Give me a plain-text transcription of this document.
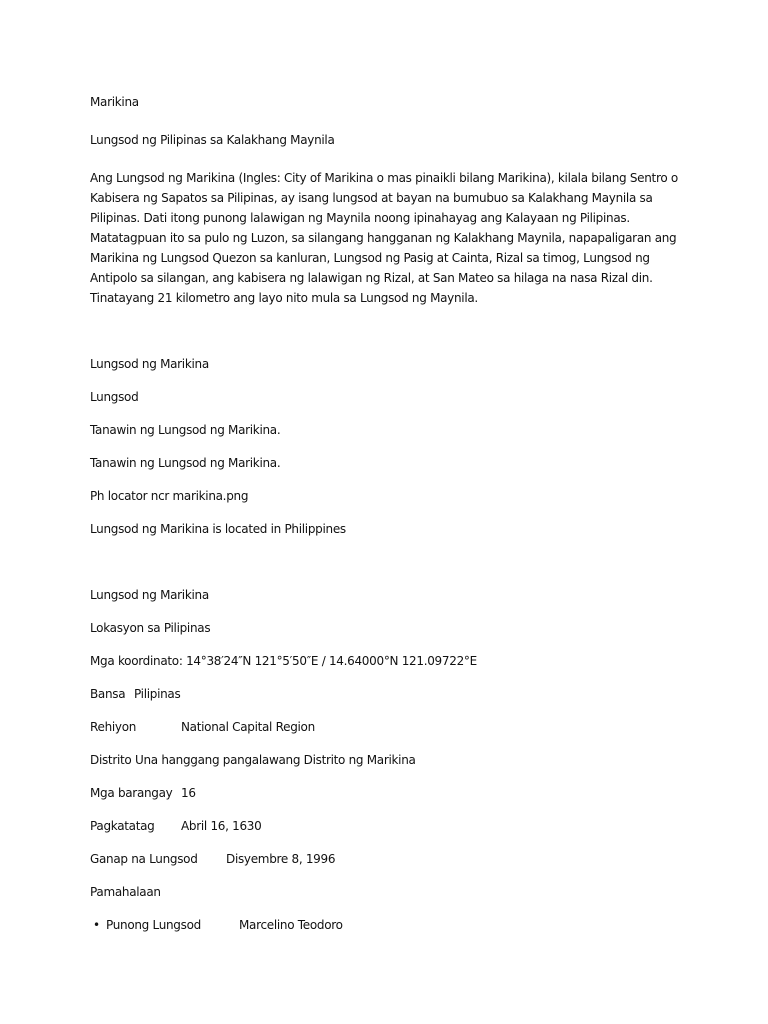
Marikina

Lungsod ng Pilipinas sa Kalakhang Maynila

Ang Lungsod ng Marikina (Ingles: City of Marikina o mas pinaikli bilang Marikina), kilala bilang Sentro o
Kabisera ng Sapatos sa Pilipinas, ay isang lungsod at bayan na bumubuo sa Kalakhang Maynila sa
Pilipinas. Dati itong punong lalawigan ng Maynila noong ipinahayag ang Kalayaan ng Pilipinas.
Matatagpuan ito sa pulo ng Luzon, sa silangang hangganan ng Kalakhang Maynila, napapaligaran ang
Marikina ng Lungsod Quezon sa kanluran, Lungsod ng Pasig at Cainta, Rizal sa timog, Lungsod ng
Antipolo sa silangan, ang kabisera ng lalawigan ng Rizal, at San Mateo sa hilaga na nasa Rizal din.
Tinatayang 21 kilometro ang layo nito mula sa Lungsod ng Maynila.

Lungsod ng Marikina

Lungsod

Tanawin ng Lungsod ng Marikina.

Tanawin ng Lungsod ng Marikina.

Ph locator ncr marikina.png

Lungsod ng Marikina is located in Philippines

Lungsod ng Marikina

Lokasyon sa Pilipinas

Mga koordinato: 14°38′24″N 121°5′50″E / 14.64000°N 121.09722°E

Bansa Pilipinas
Rehiyon	National Capital Region

Distrito Una hanggang pangalawang Distrito ng Marikina

Mga barangay 16
Pagkatatag	Abril 16, 1630
Ganap na Lungsod	Disyembre 8, 1996

Pamahalaan

• Punong Lungsod	Marcelino Teodoro
